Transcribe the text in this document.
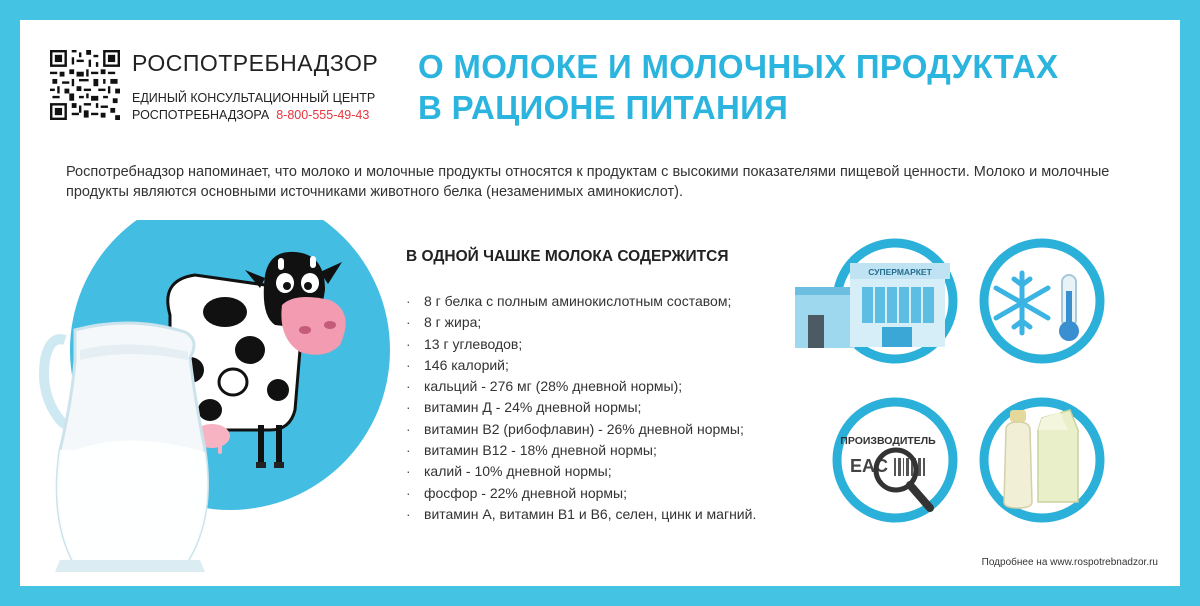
РОСПОТРЕБНАДЗОР
ЕДИНЫЙ КОНСУЛЬТАЦИОННЫЙ ЦЕНТР
РОСПОТРЕБНАДЗОРА 8-800-555-49-43
О МОЛОКЕ И МОЛОЧНЫХ ПРОДУКТАХ
В РАЦИОНЕ ПИТАНИЯ
Роспотребнадзор напоминает, что молоко и молочные продукты относятся к продуктам с высокими показателями пищевой ценности. Молоко и молочные продукты являются основными источниками животного белка (незаменимых аминокислот).
В ОДНОЙ ЧАШКЕ МОЛОКА СОДЕРЖИТСЯ
· 8 г белка с полным аминокислотным составом;
· 8 г жира;
· 13 г углеводов;
· 146 калорий;
· кальций - 276 мг (28% дневной нормы);
· витамин Д - 24% дневной нормы;
· витамин B2 (рибофлавин) - 26% дневной нормы;
· витамин B12 - 18% дневной нормы;
· калий - 10% дневной нормы;
· фосфор - 22% дневной нормы;
· витамин А, витамин B1 и B6, селен, цинк и магний.
СУПЕРМАРКЕТ
ПРОИЗВОДИТЕЛЬ
EAC
Подробнее на www.rospotrebnadzor.ru
